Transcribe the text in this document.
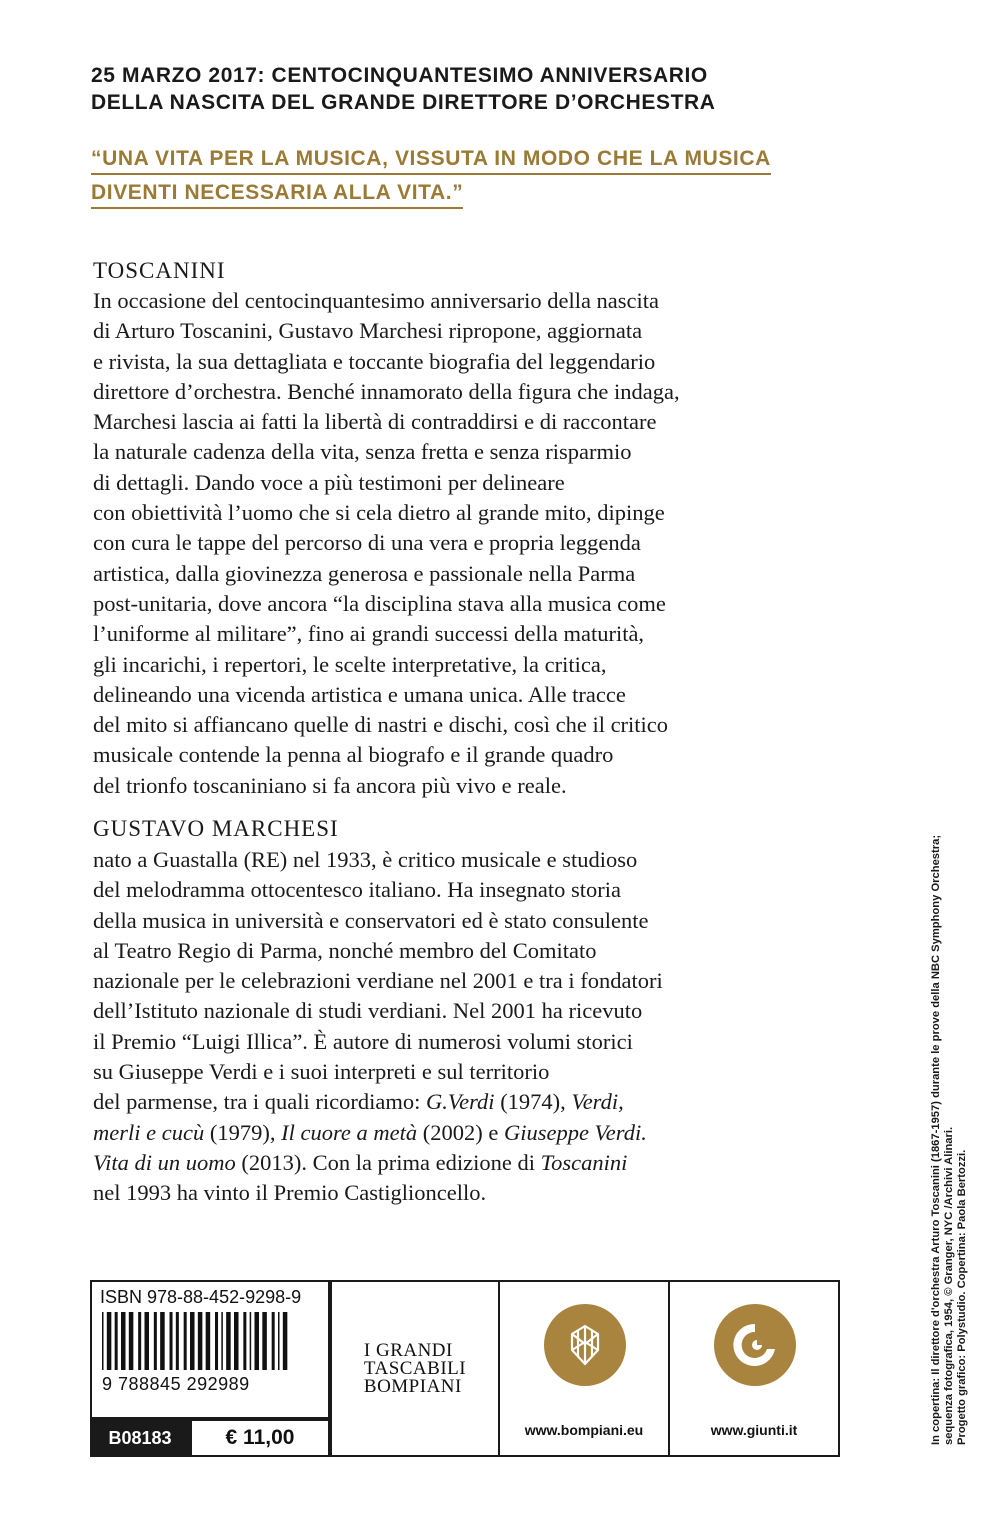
25 MARZO 2017: CENTOCINQUANTESIMO ANNIVERSARIO
DELLA NASCITA DEL GRANDE DIRETTORE D’ORCHESTRA
“UNA VITA PER LA MUSICA, VISSUTA IN MODO CHE LA MUSICA
DIVENTI NECESSARIA ALLA VITA.”
TOSCANINI
In occasione del centocinquantesimo anniversario della nascita
di Arturo Toscanini, Gustavo Marchesi ripropone, aggiornata
e rivista, la sua dettagliata e toccante biografia del leggendario
direttore d’orchestra. Benché innamorato della figura che indaga,
Marchesi lascia ai fatti la libertà di contraddirsi e di raccontare
la naturale cadenza della vita, senza fretta e senza risparmio
di dettagli. Dando voce a più testimoni per delineare
con obiettività l’uomo che si cela dietro al grande mito, dipinge
con cura le tappe del percorso di una vera e propria leggenda
artistica, dalla giovinezza generosa e passionale nella Parma
post-unitaria, dove ancora “la disciplina stava alla musica come
l’uniforme al militare”, fino ai grandi successi della maturità,
gli incarichi, i repertori, le scelte interpretative, la critica,
delineando una vicenda artistica e umana unica. Alle tracce
del mito si affiancano quelle di nastri e dischi, così che il critico
musicale contende la penna al biografo e il grande quadro
del trionfo toscaniniano si fa ancora più vivo e reale.
GUSTAVO MARCHESI
nato a Guastalla (RE) nel 1933, è critico musicale e studioso
del melodramma ottocentesco italiano. Ha insegnato storia
della musica in università e conservatori ed è stato consulente
al Teatro Regio di Parma, nonché membro del Comitato
nazionale per le celebrazioni verdiane nel 2001 e tra i fondatori
dell’Istituto nazionale di studi verdiani. Nel 2001 ha ricevuto
il Premio “Luigi Illica”. È autore di numerosi volumi storici
su Giuseppe Verdi e i suoi interpreti e sul territorio
del parmense, tra i quali ricordiamo: G.Verdi (1974), Verdi,
merli e cucù (1979), Il cuore a metà (2002) e Giuseppe Verdi.
Vita di un uomo (2013). Con la prima edizione di Toscanini
nel 1993 ha vinto il Premio Castiglioncello.	In copertina: Il direttore d'orchestra Arturo Toscanini (1867-1957) durante le prove della NBC Symphony Orchestra; sequenza fotografica, 1954, © Granger, NYC /Archivi Alinari. Progetto grafico: Polystudio. Copertina: Paola Bertozzi.
ISBN 978-88-452-9298-9
9 788845 292989
B08183	€ 11,00
I GRANDI
TASCABILI
BOMPIANI
www.bompiani.eu	www.giunti.it
